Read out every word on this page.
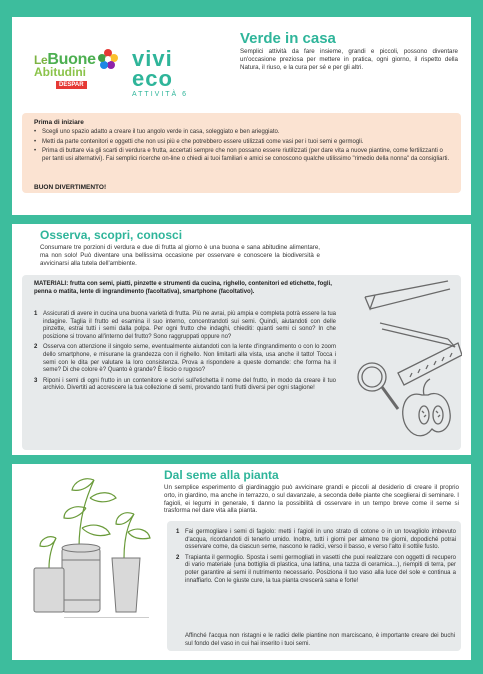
LeBuone
Abitudini
DESPAR
vivi
eco
ATTIVITÀ 6
Verde in casa
Semplici attività da fare insieme, grandi e piccoli, possono diventare un'occasione preziosa per mettere in pratica, ogni giorno, il rispetto della Natura, il riuso, e la cura per sé e per gli altri.
Prima di iniziare
• Scegli uno spazio adatto a creare il tuo angolo verde in casa, soleggiato e ben arieggiato.
• Metti da parte contenitori e oggetti che non usi più e che potrebbero essere utilizzati come vasi per i tuoi semi e germogli.
• Prima di buttare via gli scarti di verdura e frutta, accertati sempre che non possano essere riutilizzati (per dare vita a nuove piantine, come fertilizzanti o per tanti usi alternativi). Fai semplici ricerche on-line o chiedi ai tuoi familiari e amici se conoscono qualche utilissimo "rimedio della nonna" da consigliarti.
BUON DIVERTIMENTO!
Osserva, scopri, conosci
Consumare tre porzioni di verdura e due di frutta al giorno è una buona e sana abitudine alimentare, ma non solo! Può diventare una bellissima occasione per osservare e conoscere la biodiversità e avvicinarsi alla tutela dell'ambiente.
MATERIALI: frutta con semi, piatti, pinzette e strumenti da cucina, righello, contenitori ed etichette, fogli, penna o matita, lente di ingrandimento (facoltativa), smartphone (facoltativo).
1 Assicurati di avere in cucina una buona varietà di frutta. Più ne avrai, più ampia e completa potrà essere la tua indagine. Taglia il frutto ed esamina il suo interno, concentrandoti sui semi. Quindi, aiutandoti con delle pinzette, estrai tutti i semi dalla polpa. Per ogni frutto che indaghi, chiediti: quanti semi ci sono? In che posizione si trovano all'interno del frutto? Sono raggruppati oppure no?
2 Osserva con attenzione il singolo seme, eventualmente aiutandoti con la lente d'ingrandimento o con lo zoom dello smartphone, e misurane la grandezza con il righello. Non limitarti alla vista, usa anche il tatto! Tocca i semi con le dita per valutare la loro consistenza. Prova a rispondere a queste domande: che forma ha il seme? Di che colore è? Quanto è grande? È liscio o rugoso?
3 Riponi i semi di ogni frutto in un contenitore e scrivi sull'etichetta il nome del frutto, in modo da creare il tuo archivio. Divertiti ad accrescere la tua collezione di semi, provando tanti frutti diversi per ogni stagione!
Dal seme alla pianta
Un semplice esperimento di giardinaggio può avvicinare grandi e piccoli al desiderio di creare il proprio orto, in giardino, ma anche in terrazzo, o sul davanzale, a seconda delle piante che sceglierai di seminare. I fagioli, ei legumi in generale, ti danno la possibilità di osservare in un tempo breve come il seme si trasforma nel dare vita alla pianta.
1 Fai germogliare i semi di fagiolo: metti i fagioli in uno strato di cotone o in un tovagliolo imbevuto d'acqua, ricordandoti di tenerlo umido. Inoltre, tutti i giorni per almeno tre giorni, dopodiché potrai osservare come, da ciascun seme, nascono le radici, verso il basso, e verso l'alto il sottile fusto.
2 Trapianta il germoglio. Sposta i semi germogliati in vasetti che puoi realizzare con oggetti di recupero di vario materiale (una bottiglia di plastica, una lattina, una tazza di ceramica...), riempiti di terra, per poter garantire ai semi il nutrimento necessario. Posiziona il tuo vaso alla luce del sole e continua a innaffiarlo. Con le giuste cure, la tua pianta crescerà sana e forte!
Affinché l'acqua non ristagni e le radici delle piantine non marciscano, è importante creare dei buchi sul fondo del vaso in cui hai inserito i tuoi semi.
